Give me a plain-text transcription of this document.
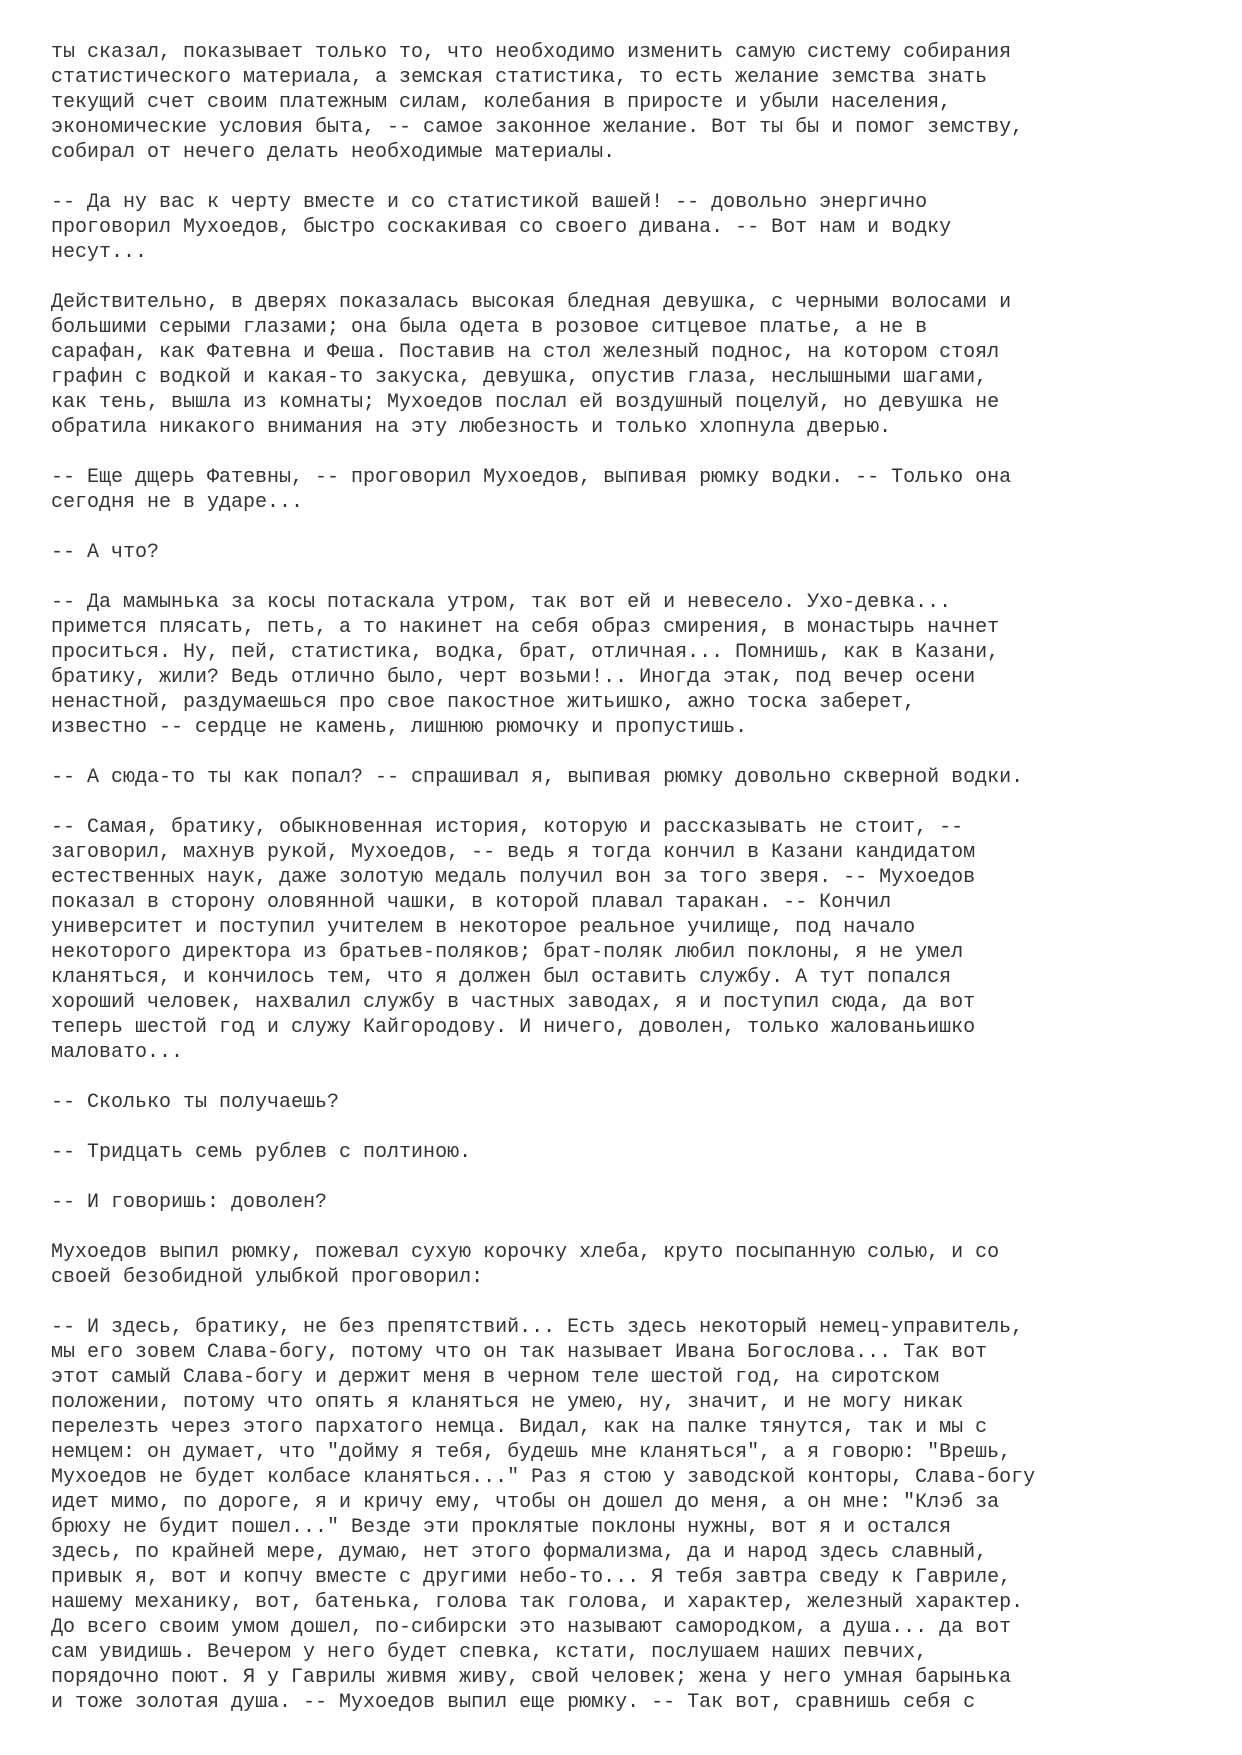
ты сказал, показывает только то, что необходимо изменить самую систему собирания
статистического материала, а земская статистика, то есть желание земства знать
текущий счет своим платежным силам, колебания в приросте и убыли населения,
экономические условия быта, -- самое законное желание. Вот ты бы и помог земству,
собирал от нечего делать необходимые материалы.

-- Да ну вас к черту вместе и со статистикой вашей! -- довольно энергично
проговорил Мухоедов, быстро соскакивая со своего дивана. -- Вот нам и водку
несут...

Действительно, в дверях показалась высокая бледная девушка, с черными волосами и
большими серыми глазами; она была одета в розовое ситцевое платье, а не в
сарафан, как Фатевна и Феша. Поставив на стол железный поднос, на котором стоял
графин с водкой и какая-то закуска, девушка, опустив глаза, неслышными шагами,
как тень, вышла из комнаты; Мухоедов послал ей воздушный поцелуй, но девушка не
обратила никакого внимания на эту любезность и только хлопнула дверью.

-- Еще дщерь Фатевны, -- проговорил Мухоедов, выпивая рюмку водки. -- Только она
сегодня не в ударе...

-- А что?

-- Да мамынька за косы потаскала утром, так вот ей и невесело. Ухо-девка...
примется плясать, петь, а то накинет на себя образ смирения, в монастырь начнет
проситься. Ну, пей, статистика, водка, брат, отличная... Помнишь, как в Казани,
братику, жили? Ведь отлично было, черт возьми!.. Иногда этак, под вечер осени
ненастной, раздумаешься про свое пакостное житьишко, ажно тоска заберет,
известно -- сердце не камень, лишнюю рюмочку и пропустишь.

-- А сюда-то ты как попал? -- спрашивал я, выпивая рюмку довольно скверной водки.

-- Самая, братику, обыкновенная история, которую и рассказывать не стоит, --
заговорил, махнув рукой, Мухоедов, -- ведь я тогда кончил в Казани кандидатом
естественных наук, даже золотую медаль получил вон за того зверя. -- Мухоедов
показал в сторону оловянной чашки, в которой плавал таракан. -- Кончил
университет и поступил учителем в некоторое реальное училище, под начало
некоторого директора из братьев-поляков; брат-поляк любил поклоны, я не умел
кланяться, и кончилось тем, что я должен был оставить службу. А тут попался
хороший человек, нахвалил службу в частных заводах, я и поступил сюда, да вот
теперь шестой год и служу Кайгородову. И ничего, доволен, только жалованьишко
маловато...

-- Сколько ты получаешь?

-- Тридцать семь рублев с полтиною.

-- И говоришь: доволен?

Мухоедов выпил рюмку, пожевал сухую корочку хлеба, круто посыпанную солью, и со
своей безобидной улыбкой проговорил:

-- И здесь, братику, не без препятствий... Есть здесь некоторый немец-управитель,
мы его зовем Слава-богу, потому что он так называет Ивана Богослова... Так вот
этот самый Слава-богу и держит меня в черном теле шестой год, на сиротском
положении, потому что опять я кланяться не умею, ну, значит, и не могу никак
перелезть через этого пархатого немца. Видал, как на палке тянутся, так и мы с
немцем: он думает, что "дойму я тебя, будешь мне кланяться", а я говорю: "Врешь,
Мухоедов не будет колбасе кланяться..." Раз я стою у заводской конторы, Слава-богу
идет мимо, по дороге, я и кричу ему, чтобы он дошел до меня, а он мне: "Клэб за
брюху не будит пошел..." Везде эти проклятые поклоны нужны, вот я и остался
здесь, по крайней мере, думаю, нет этого формализма, да и народ здесь славный,
привык я, вот и копчу вместе с другими небо-то... Я тебя завтра сведу к Гавриле,
нашему механику, вот, батенька, голова так голова, и характер, железный характер.
До всего своим умом дошел, по-сибирски это называют самородком, а душа... да вот
сам увидишь. Вечером у него будет спевка, кстати, послушаем наших певчих,
порядочно поют. Я у Гаврилы живмя живу, свой человек; жена у него умная барынька
и тоже золотая душа. -- Мухоедов выпил еще рюмку. -- Так вот, сравнишь себя с
